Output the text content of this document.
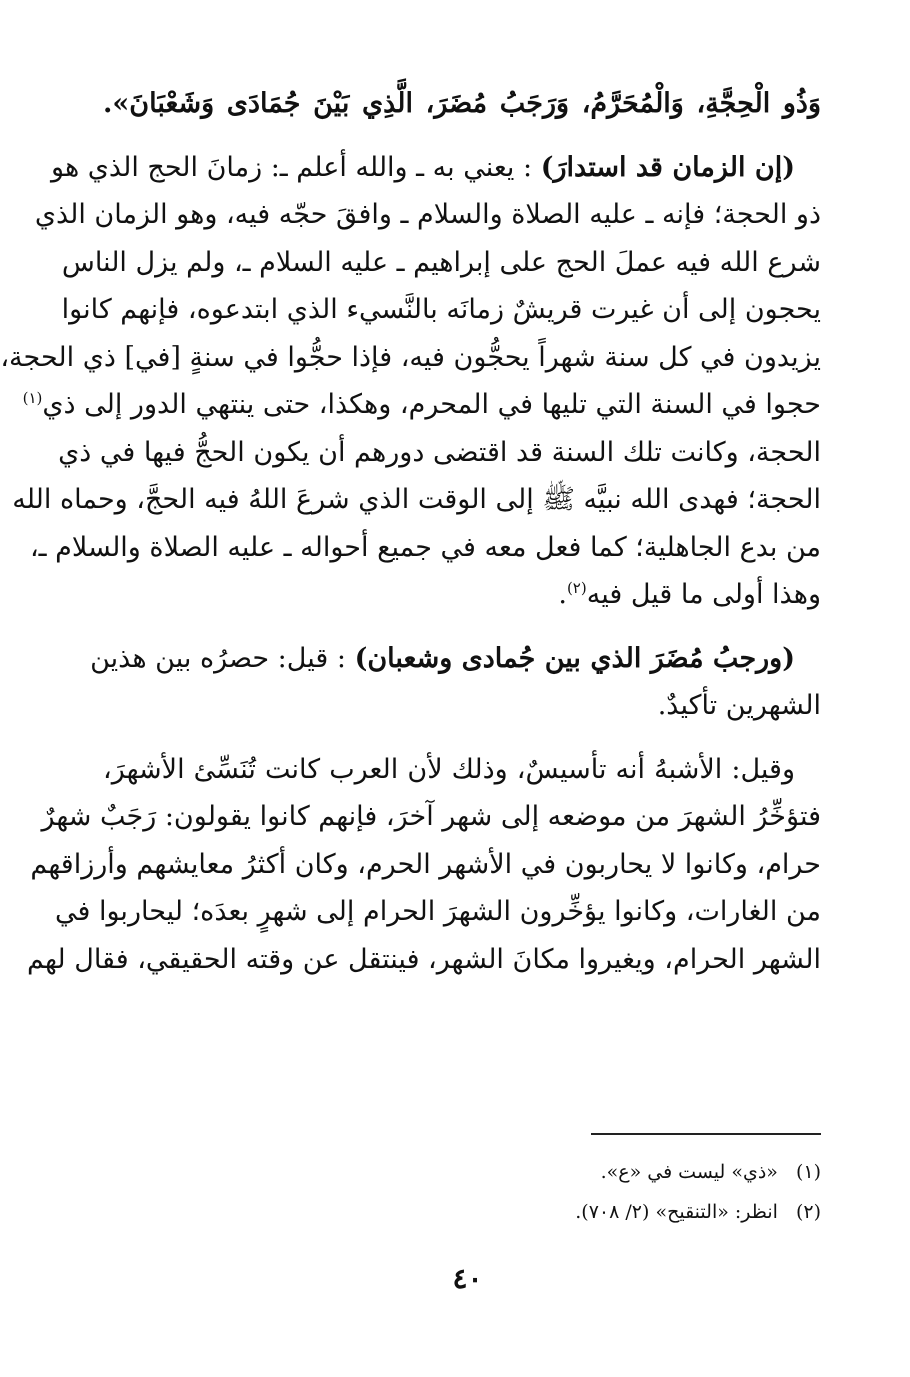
وَذُو الْحِجَّةِ، وَالْمُحَرَّمُ، وَرَجَبُ مُضَرَ، الَّذِي بَيْنَ جُمَادَى وَشَعْبَانَ».
(إن الزمان قد استدارَ) : يعني به ـ والله أعلم ـ: زمانَ الحج الذي هو
ذو الحجة؛ فإنه ـ عليه الصلاة والسلام ـ وافقَ حجّه فيه، وهو الزمان الذي
شرع الله فيه عملَ الحج على إبراهيم ـ عليه السلام ـ، ولم يزل الناس
يحجون إلى أن غيرت قريشٌ زمانَه بالنَّسيء الذي ابتدعوه، فإنهم كانوا
يزيدون في كل سنة شهراً يحجُّون فيه، فإذا حجُّوا في سنةٍ [في] ذي الحجة،
حجوا في السنة التي تليها في المحرم، وهكذا، حتى ينتهي الدور إلى ذي$^{(١)}$
الحجة، وكانت تلك السنة قد اقتضى دورهم أن يكون الحجُّ فيها في ذي
الحجة؛ فهدى الله نبيَّه ﷺ إلى الوقت الذي شرعَ اللهُ فيه الحجَّ، وحماه الله
من بدع الجاهلية؛ كما فعل معه في جميع أحواله ـ عليه الصلاة والسلام ـ،
وهذا أولى ما قيل فيه$^{(٢)}$.
(ورجبُ مُضَرَ الذي بين جُمادى وشعبان) : قيل: حصرُه بين هذين
الشهرين تأكيدٌ.
وقيل: الأشبهُ أنه تأسيسٌ، وذلك لأن العرب كانت تُنَسِّئ الأشهرَ،
فتؤخِّرُ الشهرَ من موضعه إلى شهر آخرَ، فإنهم كانوا يقولون: رَجَبٌ شهرٌ
حرام، وكانوا لا يحاربون في الأشهر الحرم، وكان أكثرُ معايشهم وأرزاقهم
من الغارات، وكانوا يؤخِّرون الشهرَ الحرام إلى شهرٍ بعدَه؛ ليحاربوا في
الشهر الحرام، ويغيروا مكانَ الشهر، فينتقل عن وقته الحقيقي، فقال لهم
(١)«ذي» ليست في «ع».
(٢)انظر: «التنقيح» (٢/ ٧٠٨).
٤٠
